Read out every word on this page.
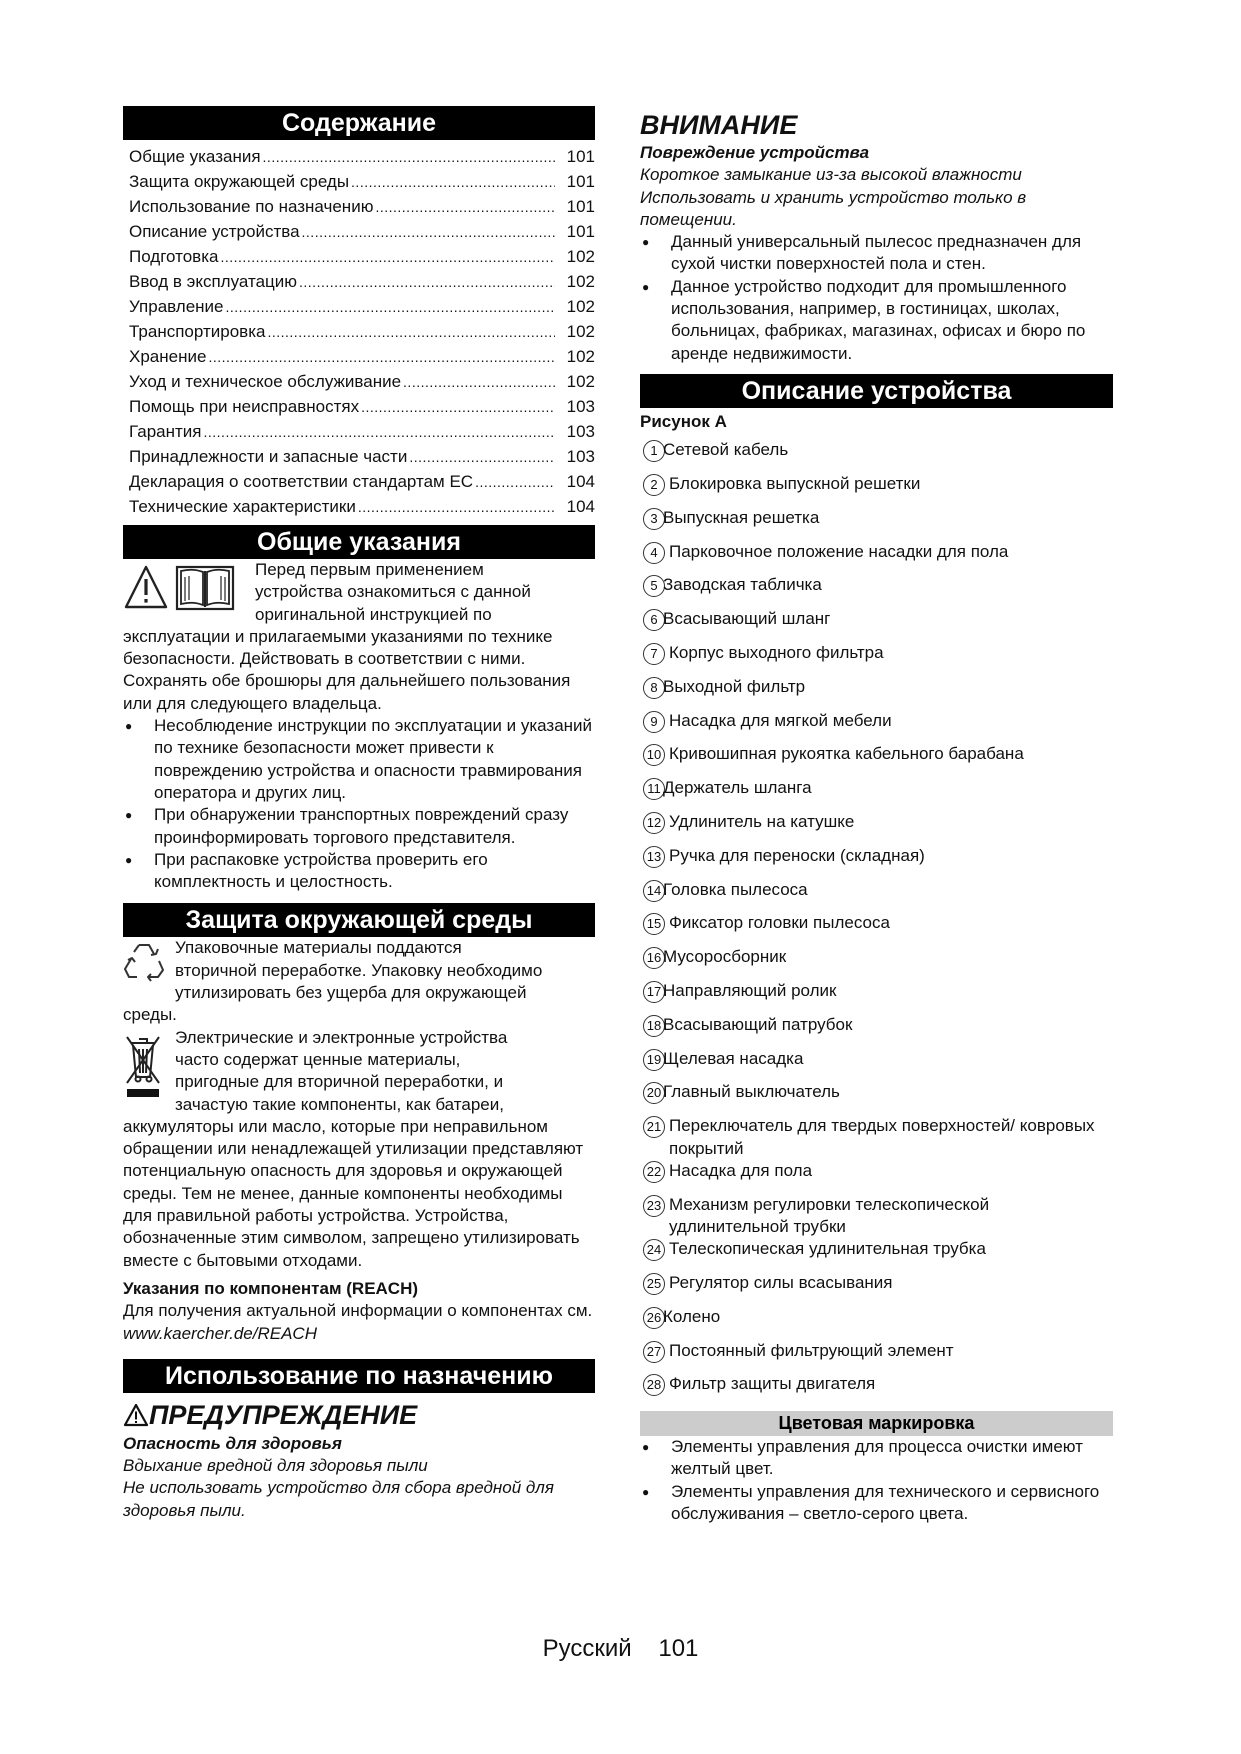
Содержание
Общие указания .....	101
Защита окружающей среды .....	101
Использование по назначению .....	101
Описание устройства .....	101
Подготовка .....	102
Ввод в эксплуатацию .....	102
Управление .....	102
Транспортировка .....	102
Хранение .....	102
Уход и техническое обслуживание .....	102
Помощь при неисправностях .....	103
Гарантия .....	103
Принадлежности и запасные части .....	103
Декларация о соответствии стандартам ЕС .....	104
Технические характеристики .....	104
Общие указания

Перед первым применением

устройства ознакомиться с данной

оригинальной инструкцией по

эксплуатации и прилагаемыми указаниями по технике безопасности. Действовать в соответствии с ними.

Сохранять обе брошюры для дальнейшего пользования или для следующего владельца.

● Несоблюдение инструкции по эксплуатации и указаний по технике безопасности может привести к повреждению устройства и опасности травмирования оператора и других лиц.
● При обнаружении транспортных повреждений сразу проинформировать торгового представителя.
● При распаковке устройства проверить его комплектность и целостность.
Защита окружающей среды

Упаковочные материалы поддаются

вторичной переработке. Упаковку необходимо

утилизировать без ущерба для окружающей

среды.

Электрические и электронные устройства

часто содержат ценные материалы,

пригодные для вторичной переработки, и

зачастую такие компоненты, как батареи,

аккумуляторы или масло, которые при неправильном обращении или ненадлежащей утилизации представляют потенциальную опасность для здоровья и окружающей среды. Тем не менее, данные компоненты необходимы для правильной работы устройства. Устройства, обозначенные этим символом, запрещено утилизировать вместе с бытовыми отходами.

Указания по компонентам (REACH)

Для получения актуальной информации о компонентах см. www.kaercher.de/REACH

Использование по назначению
ПРЕДУПРЕЖДЕНИЕ

Опасность для здоровья

Вдыхание вредной для здоровья пыли

Не использовать устройство для сбора вредной для здоровья пыли.

ВНИМАНИЕ

Повреждение устройства

Короткое замыкание из-за высокой влажности

Использовать и хранить устройство только в помещении.

● Данный универсальный пылесос предназначен для сухой чистки поверхностей пола и стен.
● Данное устройство подходит для промышленного использования, например, в гостиницах, школах, больницах, фабриках, магазинах, офисах и бюро по аренде недвижимости.
Описание устройства

Рисунок А

1 Сетевой кабель
2 Блокировка выпускной решетки
3 Выпускная решетка
4 Парковочное положение насадки для пола
5 Заводская табличка
6 Всасывающий шланг
7 Корпус выходного фильтра
8 Выходной фильтр
9 Насадка для мягкой мебели
10 Кривошипная рукоятка кабельного барабана
11 Держатель шланга
12 Удлинитель на катушке
13 Ручка для переноски (складная)
14 Головка пылесоса
15 Фиксатор головки пылесоса
16 Мусоросборник
17 Направляющий ролик
18 Всасывающий патрубок
19 Щелевая насадка
20 Главный выключатель
21 Переключатель для твердых поверхностей/ ковровых покрытий
22 Насадка для пола
23 Механизм регулировки телескопической удлинительной трубки
24 Телескопическая удлинительная трубка
25 Регулятор силы всасывания
26 Колено
27 Постоянный фильтрующий элемент
28 Фильтр защиты двигателя
Цветовая маркировка
● Элементы управления для процесса очистки имеют желтый цвет.
● Элементы управления для технического и сервисного обслуживания – светло-серого цвета.
Русский 101
